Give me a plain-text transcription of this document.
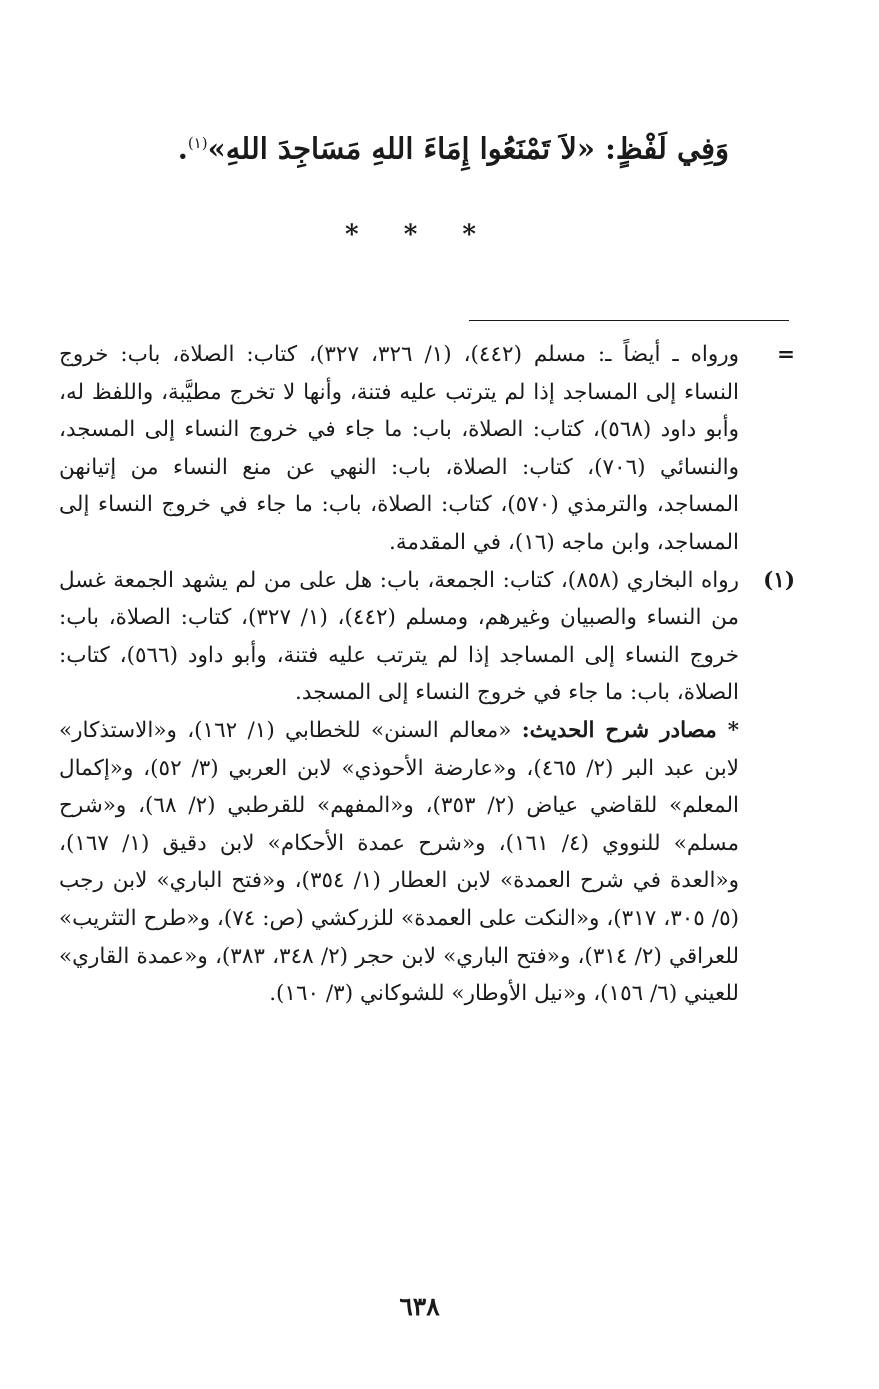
وَفِي لَفْظٍ: «لاَ تَمْنَعُوا إِمَاءَ اللهِ مَسَاجِدَ اللهِ»$^{(١)}$.
* * *
=
ورواه ـ أيضاً ـ: مسلم (٤٤٢)، (١/ ٣٢٦، ٣٢٧)، كتاب: الصلاة، باب: خروج النساء إلى المساجد إذا لم يترتب عليه فتنة، وأنها لا تخرج مطيَّبة، واللفظ له، وأبو داود (٥٦٨)، كتاب: الصلاة، باب: ما جاء في خروج النساء إلى المسجد، والنسائي (٧٠٦)، كتاب: الصلاة، باب: النهي عن منع النساء من إتيانهن المساجد، والترمذي (٥٧٠)، كتاب: الصلاة، باب: ما جاء في خروج النساء إلى المساجد، وابن ماجه (١٦)، في المقدمة.
(١)
رواه البخاري (٨٥٨)، كتاب: الجمعة، باب: هل على من لم يشهد الجمعة غسل من النساء والصبيان وغيرهم، ومسلم (٤٤٢)، (١/ ٣٢٧)، كتاب: الصلاة، باب: خروج النساء إلى المساجد إذا لم يترتب عليه فتنة، وأبو داود (٥٦٦)، كتاب: الصلاة، باب: ما جاء في خروج النساء إلى المسجد.
* مصادر شرح الحديث: «معالم السنن» للخطابي (١/ ١٦٢)، و«الاستذكار» لابن عبد البر (٢/ ٤٦٥)، و«عارضة الأحوذي» لابن العربي (٣/ ٥٢)، و«إكمال المعلم» للقاضي عياض (٢/ ٣٥٣)، و«المفهم» للقرطبي (٢/ ٦٨)، و«شرح مسلم» للنووي (٤/ ١٦١)، و«شرح عمدة الأحكام» لابن دقيق (١/ ١٦٧)، و«العدة في شرح العمدة» لابن العطار (١/ ٣٥٤)، و«فتح الباري» لابن رجب (٥/ ٣٠٥، ٣١٧)، و«النكت على العمدة» للزركشي (ص: ٧٤)، و«طرح التثريب» للعراقي (٢/ ٣١٤)، و«فتح الباري» لابن حجر (٢/ ٣٤٨، ٣٨٣)، و«عمدة القاري» للعيني (٦/ ١٥٦)، و«نيل الأوطار» للشوكاني (٣/ ١٦٠).
٦٣٨
